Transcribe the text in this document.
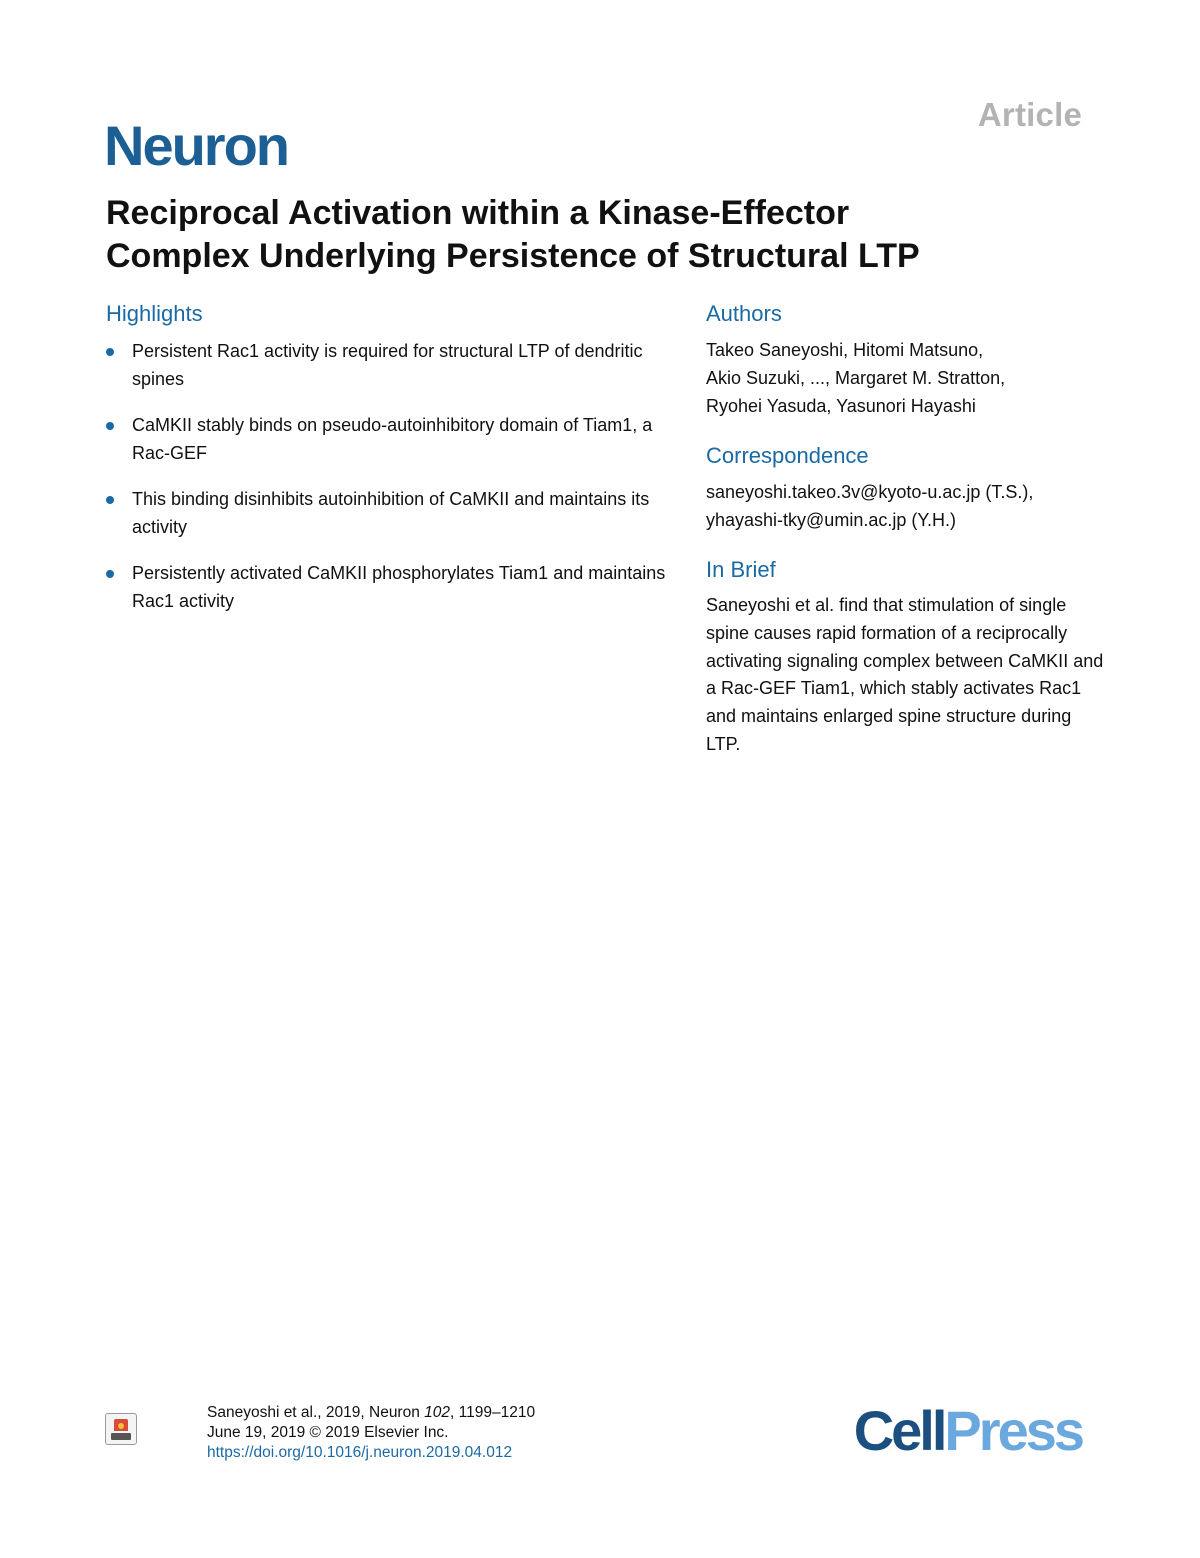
Article
Neuron
Reciprocal Activation within a Kinase-Effector
Complex Underlying Persistence of Structural LTP
Highlights
Persistent Rac1 activity is required for structural LTP of dendritic spines
CaMKII stably binds on pseudo-autoinhibitory domain of Tiam1, a Rac-GEF
This binding disinhibits autoinhibition of CaMKII and maintains its activity
Persistently activated CaMKII phosphorylates Tiam1 and maintains Rac1 activity
Authors

Takeo Saneyoshi, Hitomi Matsuno,
Akio Suzuki, ..., Margaret M. Stratton,
Ryohei Yasuda, Yasunori Hayashi

Correspondence

saneyoshi.takeo.3v@kyoto-u.ac.jp (T.S.),
yhayashi-tky@umin.ac.jp (Y.H.)

In Brief

Saneyoshi et al. find that stimulation of single spine causes rapid formation of a reciprocally activating signaling complex between CaMKII and a Rac-GEF Tiam1, which stably activates Rac1 and maintains enlarged spine structure during LTP.

Saneyoshi et al., 2019, Neuron 102, 1199–1210
June 19, 2019 © 2019 Elsevier Inc.
https://doi.org/10.1016/j.neuron.2019.04.012	CellPress
